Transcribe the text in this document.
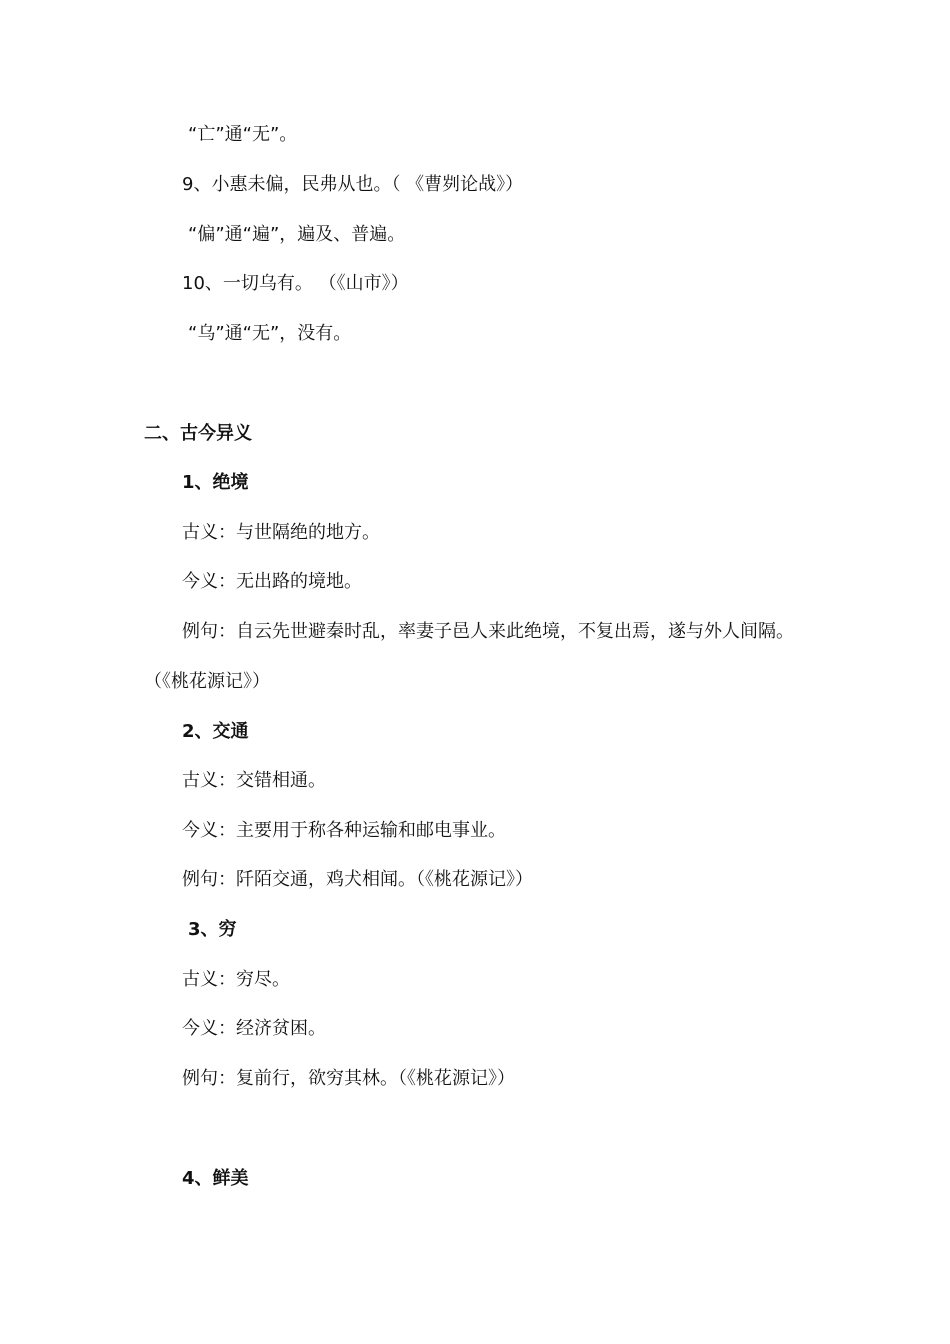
“亡”通“无”。
9、小惠未偏，民弗从也。（ 《曹刿论战》）
“偏”通“遍”，遍及、普遍。
10、一切乌有。 （《山市》）
“乌”通“无”，没有。
二、古今异义
1、绝境
古义：与世隔绝的地方。
今义：无出路的境地。
例句：自云先世避秦时乱，率妻子邑人来此绝境，不复出焉，遂与外人间隔。
（《桃花源记》）
2、交通
古义：交错相通。
今义：主要用于称各种运输和邮电事业。
例句：阡陌交通，鸡犬相闻。（《桃花源记》）
3、穷
古义：穷尽。
今义：经济贫困。
例句：复前行，欲穷其林。（《桃花源记》）
4、鲜美
